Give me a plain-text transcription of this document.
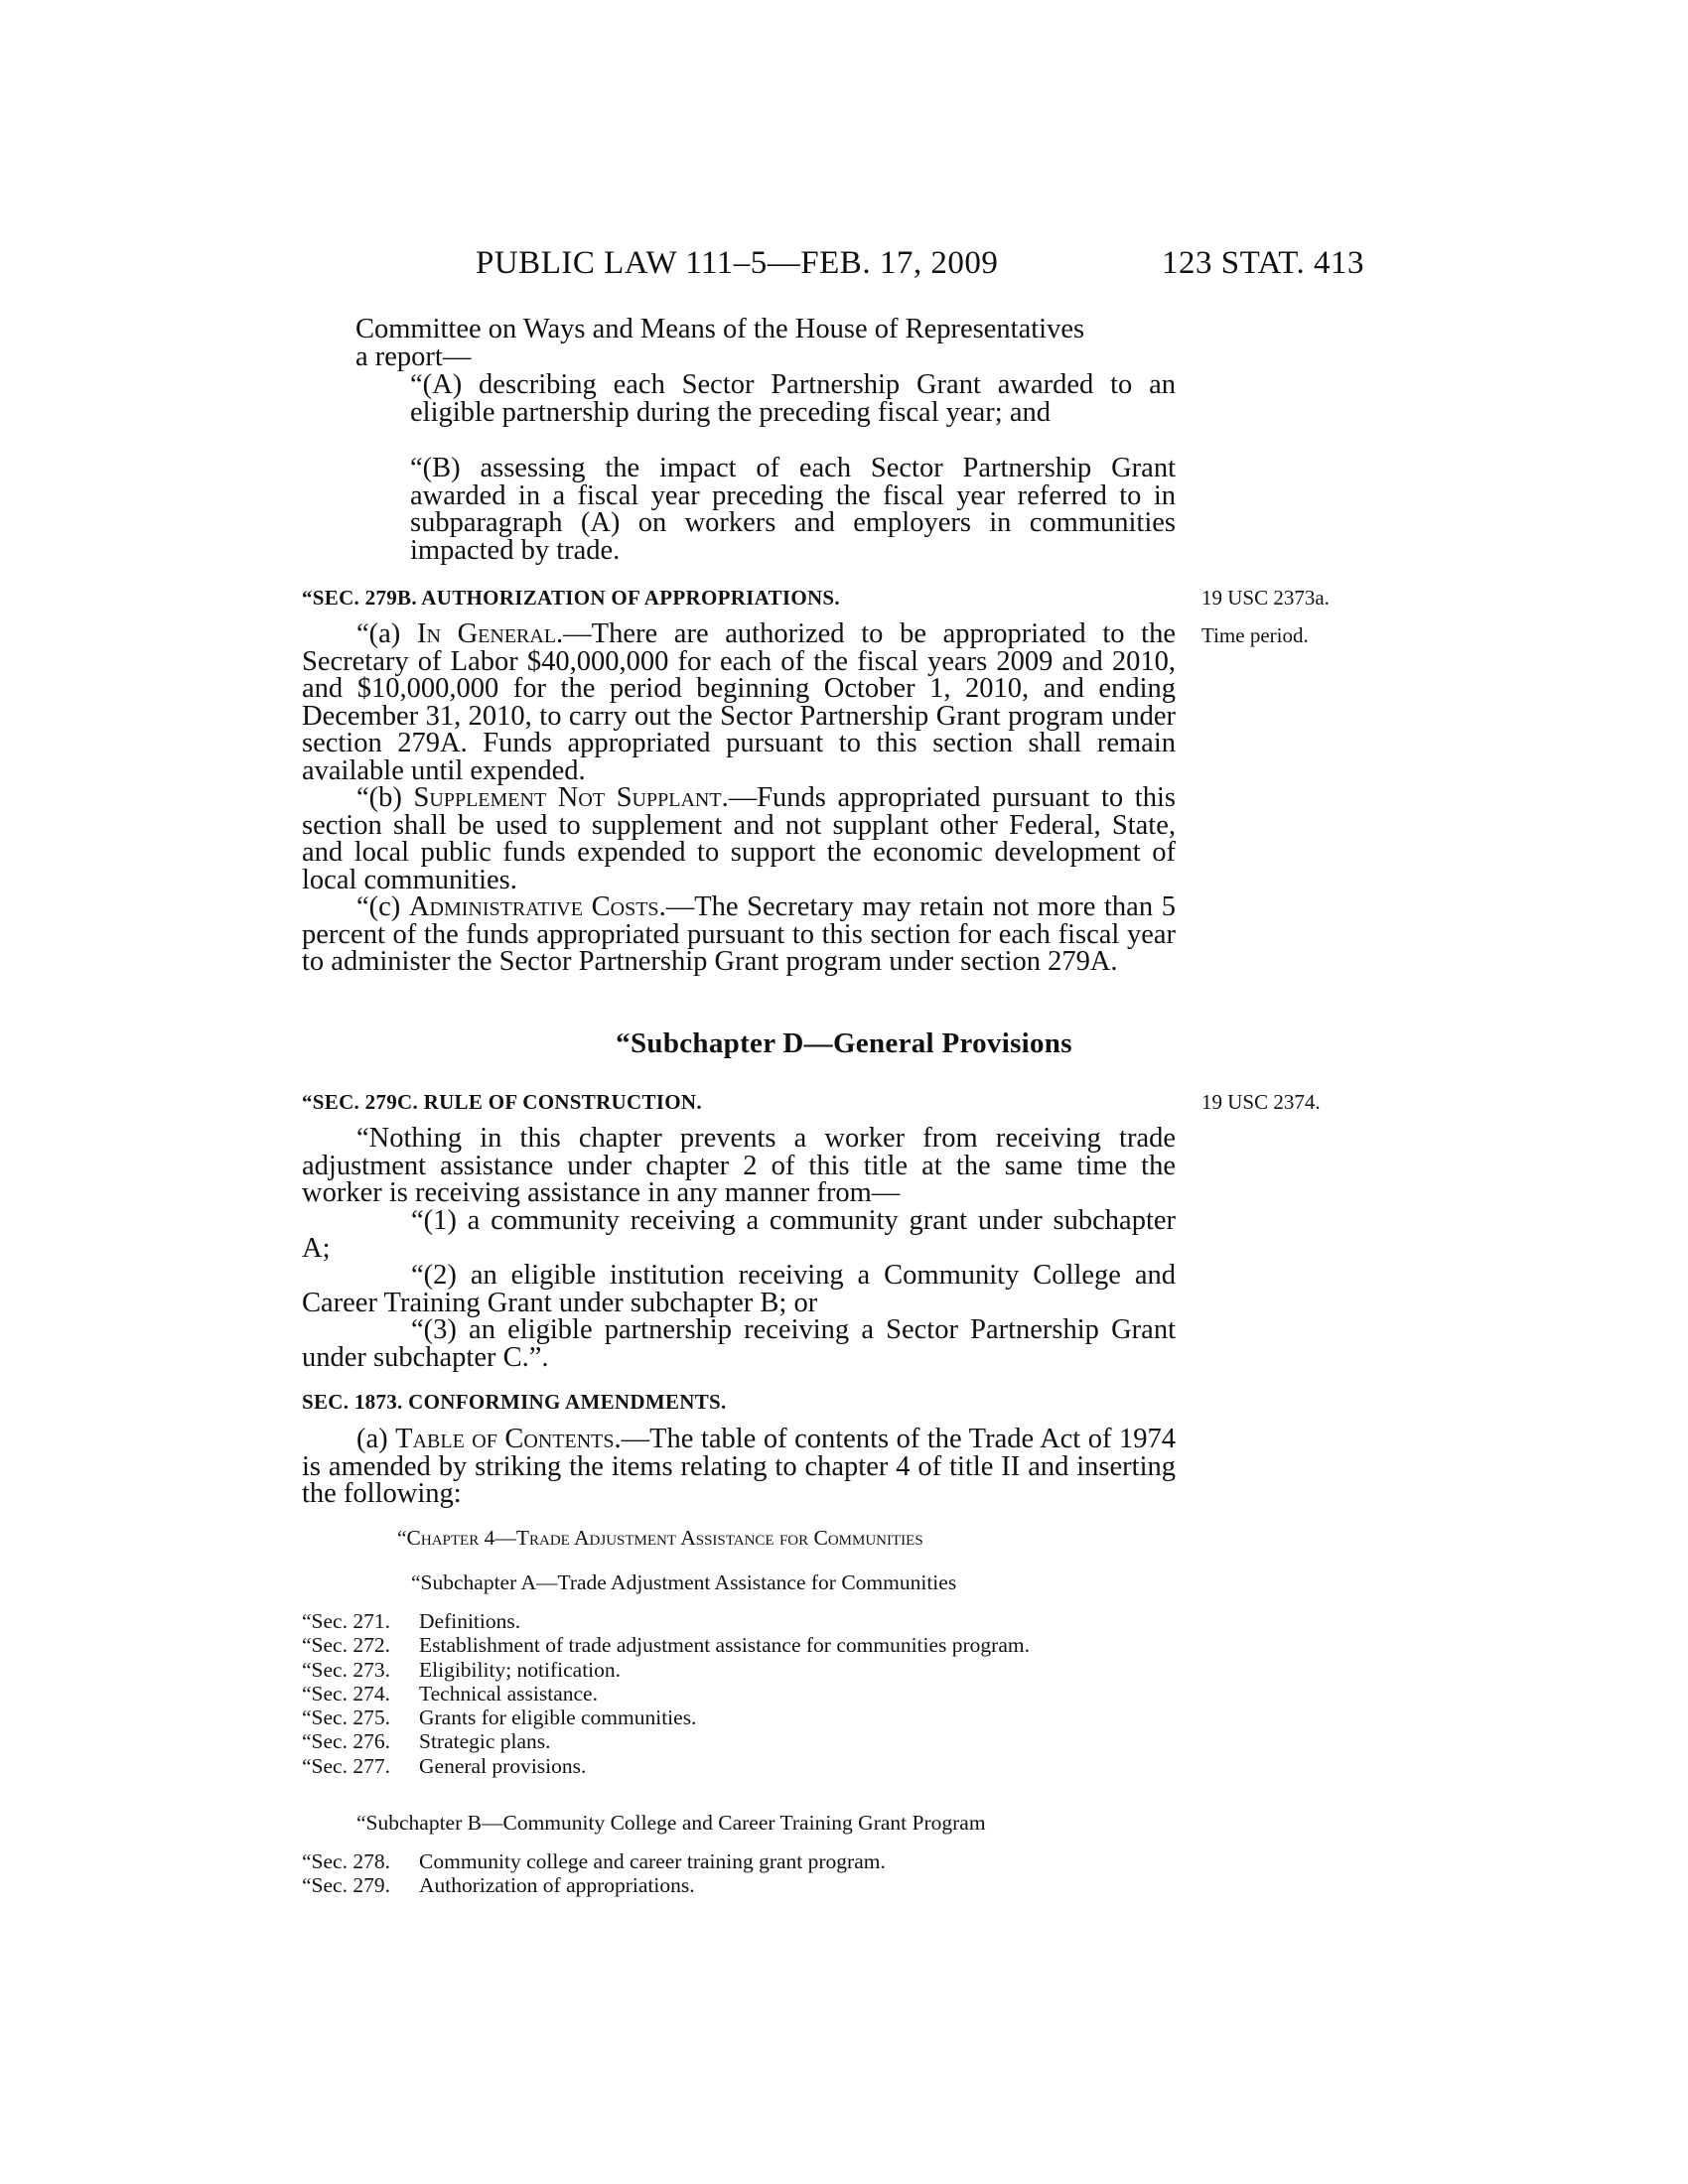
PUBLIC LAW 111–5—FEB. 17, 2009	123 STAT. 413
Committee on Ways and Means of the House of Representatives
a report—
“(A) describing each Sector Partnership Grant awarded to an eligible partnership during the preceding fiscal year; and
“(B) assessing the impact of each Sector Partnership Grant awarded in a fiscal year preceding the fiscal year referred to in subparagraph (A) on workers and employers in communities impacted by trade.
“SEC. 279B. AUTHORIZATION OF APPROPRIATIONS.	19 USC 2373a.
Time period.
“(a) In General.—There are authorized to be appropriated to the Secretary of Labor $40,000,000 for each of the fiscal years 2009 and 2010, and $10,000,000 for the period beginning October 1, 2010, and ending December 31, 2010, to carry out the Sector Partnership Grant program under section 279A. Funds appropriated pursuant to this section shall remain available until expended.
“(b) Supplement Not Supplant.—Funds appropriated pursuant to this section shall be used to supplement and not supplant other Federal, State, and local public funds expended to support the economic development of local communities.
“(c) Administrative Costs.—The Secretary may retain not more than 5 percent of the funds appropriated pursuant to this section for each fiscal year to administer the Sector Partnership Grant program under section 279A.
“Subchapter D—General Provisions
“SEC. 279C. RULE OF CONSTRUCTION.	19 USC 2374.
“Nothing in this chapter prevents a worker from receiving trade adjustment assistance under chapter 2 of this title at the same time the worker is receiving assistance in any manner from—
“(1) a community receiving a community grant under subchapter A;
“(2) an eligible institution receiving a Community College and Career Training Grant under subchapter B; or
“(3) an eligible partnership receiving a Sector Partnership Grant under subchapter C.”.
SEC. 1873. CONFORMING AMENDMENTS.
(a) Table of Contents.—The table of contents of the Trade Act of 1974 is amended by striking the items relating to chapter 4 of title II and inserting the following:
“Chapter 4—Trade Adjustment Assistance for Communities
“Subchapter A—Trade Adjustment Assistance for Communities
“Sec. 271. Definitions.
“Sec. 272. Establishment of trade adjustment assistance for communities program.
“Sec. 273. Eligibility; notification.
“Sec. 274. Technical assistance.
“Sec. 275. Grants for eligible communities.
“Sec. 276. Strategic plans.
“Sec. 277. General provisions.
“Subchapter B—Community College and Career Training Grant Program
“Sec. 278. Community college and career training grant program.
“Sec. 279. Authorization of appropriations.
